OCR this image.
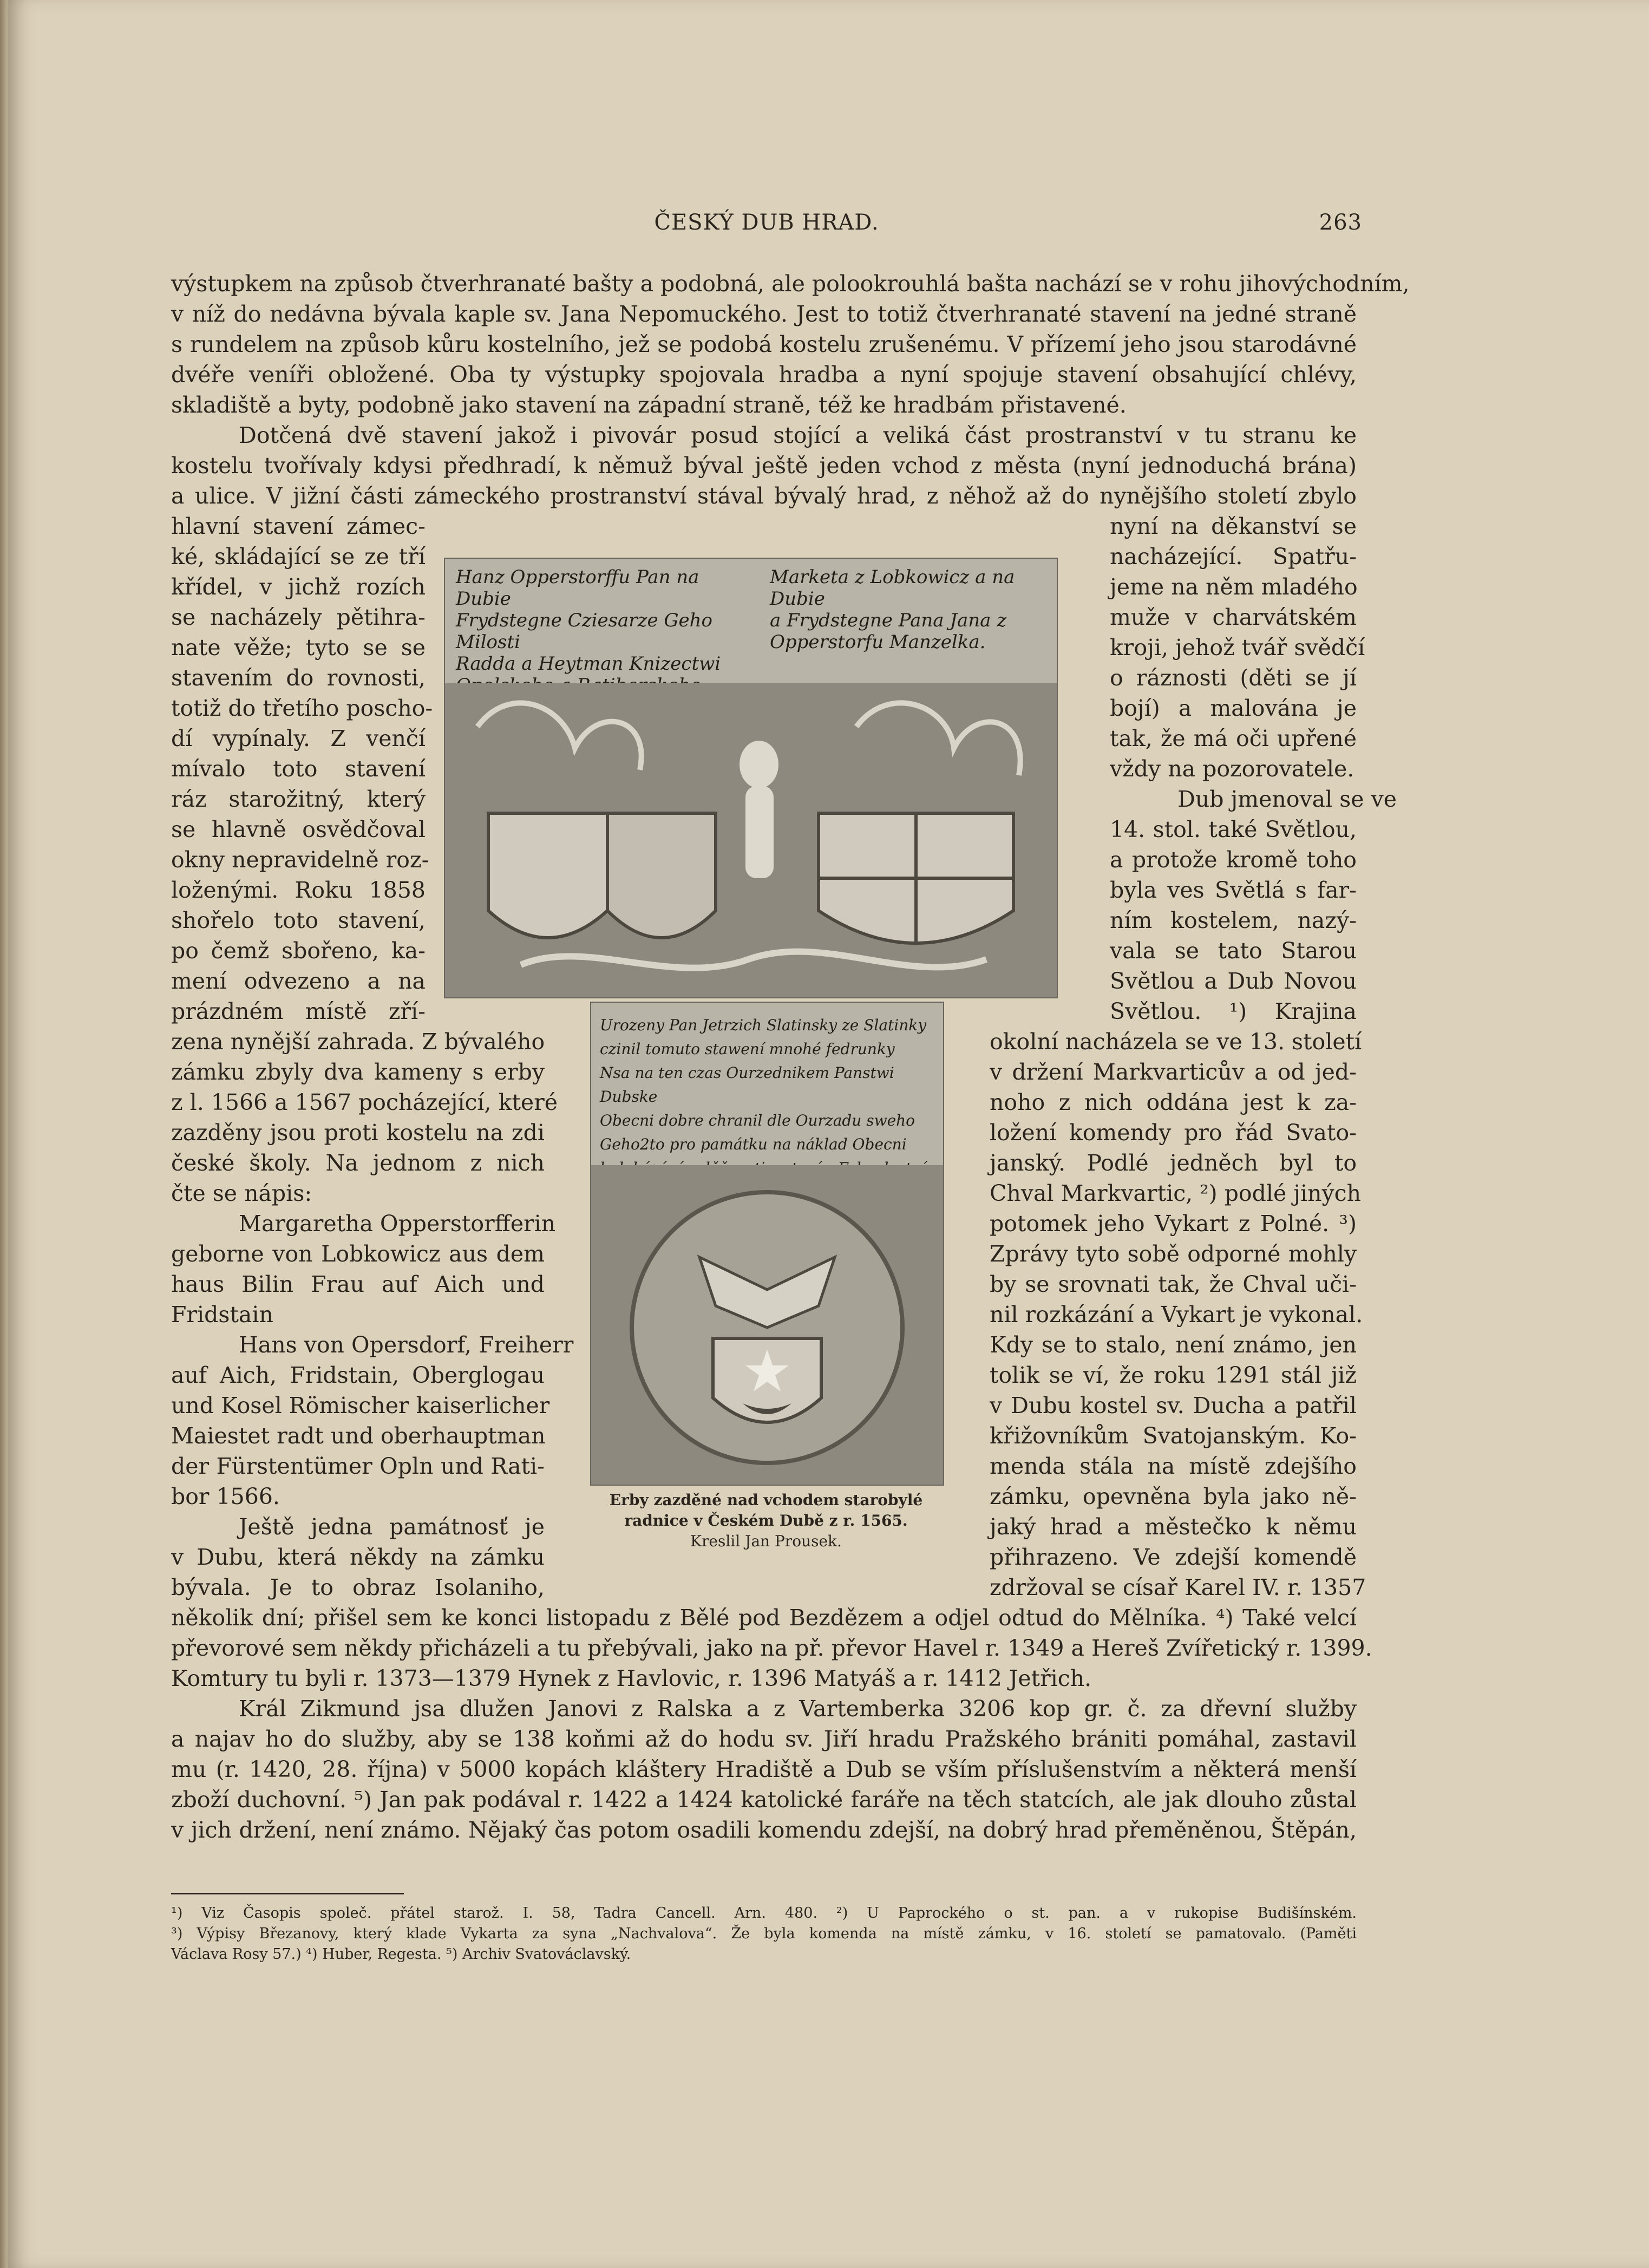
ČESKÝ DUB HRAD.	263
výstupkem na způsob čtverhranaté bašty a podobná, ale polookrouhlá bašta nachází se v rohu jihovýchodním,
v níž do nedávna bývala kaple sv. Jana Nepomuckého. Jest to totiž čtverhranaté stavení na jedné straně
s rundelem na způsob kůru kostelního, jež se podobá kostelu zrušenému. V přízemí jeho jsou starodávné
dvéře veníři obložené. Oba ty výstupky spojovala hradba a nyní spojuje stavení obsahující chlévy,
skladiště a byty, podobně jako stavení na západní straně, též ke hradbám přistavené.
Dotčená dvě stavení jakož i pivovár posud stojící a veliká část prostranství v tu stranu ke
kostelu tvořívaly kdysi předhradí, k němuž býval ještě jeden vchod z města (nyní jednoduchá brána)
a ulice. V jižní části zámeckého prostranství stával bývalý hrad, z něhož až do nynějšího století zbylo
hlavní stavení zámec-
ké, skládající se ze tří
křídel, v jichž rozích
se nacházely pětihra-
nate věže; tyto se se
stavením do rovnosti,
totiž do třetího poscho-
dí vypínaly. Z venčí
mívalo toto stavení
ráz starožitný, který
se hlavně osvědčoval
okny nepravidelně roz-
loženými. Roku 1858
shořelo toto stavení,
po čemž sbořeno, ka-
mení odvezeno a na
prázdném místě zří-
zena nynější zahrada. Z bývalého
zámku zbyly dva kameny s erby
z l. 1566 a 1567 pocházející, které
zazděny jsou proti kostelu na zdi
české školy. Na jednom z nich
čte se nápis:
Margaretha Opperstorfferin
geborne von Lobkowicz aus dem
haus Bilin Frau auf Aich und
Fridstain
Hans von Opersdorf, Freiherr
auf Aich, Fridstain, Oberglogau
und Kosel Römischer kaiserlicher
Maiestet radt und oberhauptman
der Fürstentümer Opln und Rati-
bor 1566.
Ještě jedna památnosť je
v Dubu, která někdy na zámku
bývala. Je to obraz Isolaniho,
nyní na děkanství se
nacházející. Spatřu-
jeme na něm mladého
muže v charvátském
kroji, jehož tvář svědčí
o ráznosti (děti se jí
bojí) a malována je
tak, že má oči upřené
vždy na pozorovatele.
Dub jmenoval se ve
14. stol. také Světlou,
a protože kromě toho
byla ves Světlá s far-
ním kostelem, nazý-
vala se tato Starou
Světlou a Dub Novou
Světlou. ¹) Krajina
okolní nacházela se ve 13. století
v držení Markvarticův a od jed-
noho z nich oddána jest k za-
ložení komendy pro řád Svato-
janský. Podlé jedněch byl to
Chval Markvartic, ²) podlé jiných
potomek jeho Vykart z Polné. ³)
Zprávy tyto sobě odporné mohly
by se srovnati tak, že Chval uči-
nil rozkázání a Vykart je vykonal.
Kdy se to stalo, není známo, jen
tolik se ví, že roku 1291 stál již
v Dubu kostel sv. Ducha a patřil
křižovníkům Svatojanským. Ko-
menda stála na místě zdejšího
zámku, opevněna byla jako ně-
jaký hrad a městečko k němu
přihrazeno. Ve zdejší komendě
zdržoval se císař Karel IV. r. 1357
několik dní; přišel sem ke konci listopadu z Bělé pod Bezdězem a odjel odtud do Mělníka. ⁴) Také velcí
převorové sem někdy přicházeli a tu přebývali, jako na př. převor Havel r. 1349 a Hereš Zvířetický r. 1399.
Komtury tu byli r. 1373—1379 Hynek z Havlovic, r. 1396 Matyáš a r. 1412 Jetřich.
Král Zikmund jsa dlužen Janovi z Ralska a z Vartemberka 3206 kop gr. č. za dřevní služby
a najav ho do služby, aby se 138 koňmi až do hodu sv. Jiří hradu Pražského brániti pomáhal, zastavil
mu (r. 1420, 28. října) v 5000 kopách kláštery Hradiště a Dub se vším příslušenstvím a některá menší
zboží duchovní. ⁵) Jan pak podával r. 1422 a 1424 katolické faráře na těch statcích, ale jak dlouho zůstal
v jich držení, není známo. Nějaký čas potom osadili komendu zdejší, na dobrý hrad přeměněnou, Štěpán,
Hanz Opperstorffu Pan na Dubie
Frydstegne Cziesarze Geho Milosti
Radda a Heytman Knizectwi
Marketa z Lobkowicz a na Dubie
a Frydstegne Pana Jana z
Opperstorfu Manzelka.
Urozeny Pan Jetrzich Slatinsky ze Slatinky
czinil tomuto stawení mnohé fedrunky
Nsa na ten czas Ourzednikem Panstwi Dubske
Obecni dobre chranil dle Ourzadu sweho
Geho2to pro památku na náklad Obecni
Erby zazděné nad vchodem starobylé
radnice v Českém Dubě z r. 1565.
Kreslil Jan Prousek.
¹) Viz Časopis společ. přátel starož. I. 58, Tadra Cancell. Arn. 480. ²) U Paprockého o st. pan. a v rukopise Budišínském.
³) Výpisy Březanovy, který klade Vykarta za syna „Nachvalova“. Že byla komenda na místě zámku, v 16. století se pamatovalo. (Paměti
Václava Rosy 57.) ⁴) Huber, Regesta. ⁵) Archiv Svatováclavský.
